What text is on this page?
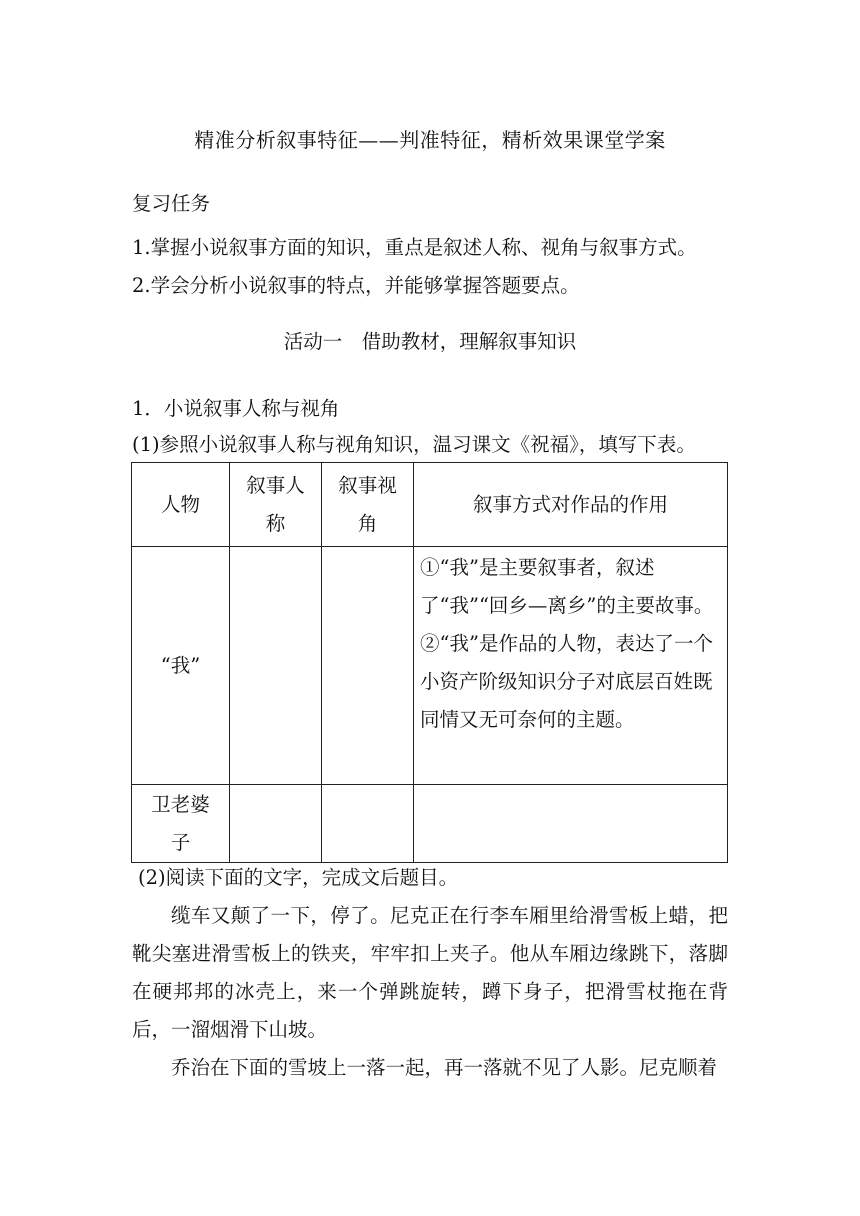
精准分析叙事特征——判准特征，精析效果课堂学案
复习任务
1.掌握小说叙事方面的知识，重点是叙述人称、视角与叙事方式。
2.学会分析小说叙事的特点，并能够掌握答题要点。
活动一　借助教材，理解叙事知识
1．小说叙事人称与视角
(1)参照小说叙事人称与视角知识，温习课文《祝福》，填写下表。
人物	叙事人称	叙事视角	叙事方式对作品的作用
“我”			①“我”是主要叙事者，叙述了“我”“回乡—离乡”的主要故事。②“我”是作品的人物，表达了一个小资产阶级知识分子对底层百姓既同情又无可奈何的主题。
卫老婆子			
(2)阅读下面的文字，完成文后题目。
缆车又颠了一下，停了。尼克正在行李车厢里给滑雪板上蜡，把靴尖塞进滑雪板上的铁夹，牢牢扣上夹子。他从车厢边缘跳下，落脚在硬邦邦的冰壳上，来一个弹跳旋转，蹲下身子，把滑雪杖拖在背后，一溜烟滑下山坡。
乔治在下面的雪坡上一落一起，再一落就不见了人影。尼克顺着
